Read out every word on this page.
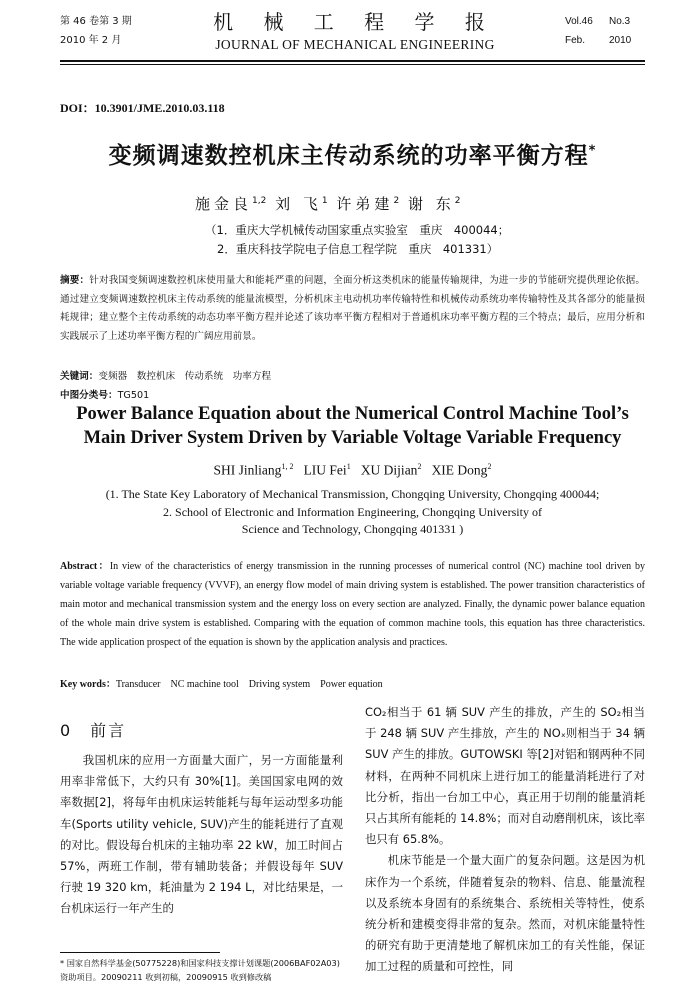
第 46 卷第 3 期
2010 年 2 月
机 械 工 程 学 报
JOURNAL OF MECHANICAL ENGINEERING
Vol.46 No.3
Feb. 2010
DOI：10.3901/JME.2010.03.118
变频调速数控机床主传动系统的功率平衡方程*
施金良$^{1,2}$ 刘 飞$^1$ 许弟建$^2$ 谢 东$^2$
（1．重庆大学机械传动国家重点实验室　重庆　400044；
2．重庆科技学院电子信息工程学院　重庆　401331）
摘要：针对我国变频调速数控机床使用量大和能耗严重的问题，全面分析这类机床的能量传输规律，为进一步的节能研究提供理论依据。通过建立变频调速数控机床主传动系统的能量流模型，分析机床主电动机功率传输特性和机械传动系统功率传输特性及其各部分的能量损耗规律；建立整个主传动系统的动态功率平衡方程并论述了该功率平衡方程相对于普通机床功率平衡方程的三个特点；最后，应用分析和实践展示了上述功率平衡方程的广阔应用前景。
关键词：变频器　数控机床　传动系统　功率方程
中图分类号：TG501
Power Balance Equation about the Numerical Control Machine Tool’s
Main Driver System Driven by Variable Voltage Variable Frequency
SHI Jinliang$^{1, 2}$ LIU Fei$^1$ XU Dijian$^2$ XIE Dong$^2$
(1. The State Key Laboratory of Mechanical Transmission, Chongqing University, Chongqing 400044;
2. School of Electronic and Information Engineering, Chongqing University of
Science and Technology, Chongqing 401331 )
Abstract：In view of the characteristics of energy transmission in the running processes of numerical control (NC) machine tool driven by variable voltage variable frequency (VVVF), an energy flow model of main driving system is established. The power transition characteristics of main motor and mechanical transmission system and the energy loss on every section are analyzed. Finally, the dynamic power balance equation of the whole main drive system is established. Comparing with the equation of common machine tools, this equation has three characteristics. The wide application prospect of the equation is shown by the application analysis and practices.
Key words：Transducer　NC machine tool　Driving system　Power equation
0　前言

我国机床的应用一方面量大面广，另一方面能量利用率非常低下，大约只有 30%[1]。美国国家电网的效率数据[2]，将每年由机床运转能耗与每年运动型多功能车(Sports utility vehicle, SUV)产生的能耗进行了直观的对比。假设每台机床的主轴功率 22 kW，加工时间占 57%，两班工作制，带有辅助装备；并假设每年 SUV 行驶 19 320 km，耗油量为 2 194 L，对比结果是，一台机床运行一年产生的

CO₂相当于 61 辆 SUV 产生的排放，产生的 SO₂相当于 248 辆 SUV 产生排放，产生的 NOₓ则相当于 34 辆 SUV 产生的排放。GUTOWSKI 等[2]对铝和钢两种不同材料，在两种不同机床上进行加工的能量消耗进行了对比分析，指出一台加工中心，真正用于切削的能量消耗只占其所有能耗的 14.8%；而对自动磨削机床，该比率也只有 65.8%。

机床节能是一个量大面广的复杂问题。这是因为机床作为一个系统，伴随着复杂的物料、信息、能量流程以及系统本身固有的系统集合、系统相关等特性，使系统分析和建模变得非常的复杂。然而，对机床能量特性的研究有助于更清楚地了解机床加工的有关性能，保证加工过程的质量和可控性，同

* 国家自然科学基金(50775228)和国家科技支撑计划课题(2006BAF02A03)资助项目。20090211 收到初稿，20090915 收到修改稿
